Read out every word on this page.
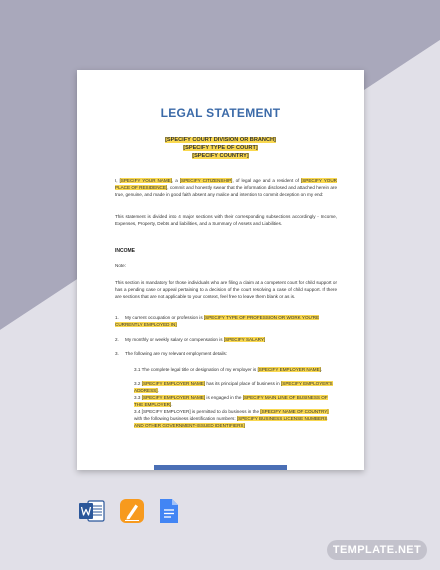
LEGAL STATEMENT
[SPECIFY COURT DIVISION OR BRANCH]
[SPECIFY TYPE OF COURT]
[SPECIFY COUNTRY]
I, [SPECIFY YOUR NAME], a [SPECIFY CITIZENSHIP], of legal age and a resident of [SPECIFY YOUR PLACE OF RESIDENCE], commit and honestly swear that the information disclosed and attached herein are true, genuine, and made in good faith absent any malice and intention to commit deception on my end:
This statement is divided into 4 major sections with their corresponding subsections accordingly - Income, Expenses, Property, Debts and liabilities, and a Summary of Assets and Liabilities.
INCOME
Note:
This section is mandatory for those individuals who are filing a claim at a competent court for child support or has a pending case or appeal pertaining to a decision of the court resolving a case of child support. If there are sections that are not applicable to your context, feel free to leave them blank or as is.
1. My current occupation or profession is [SPECIFY TYPE OF PROFESSION OR WORK YOU'RE CURRENTLY EMPLOYED IN]
2. My monthly or weekly salary or compensation is [SPECIFY SALARY]
3. The following are my relevant employment details:
3.1 The complete legal title or designation of my employer is [SPECIFY EMPLOYER NAME].
3.2 [SPECIFY EMPLOYER NAME] has its principal place of business in [SPECIFY EMPLOYER'S ADDRESS].
3.3 [SPECIFY EMPLOYER NAME] is engaged in the [SPECIFY MAIN LINE OF BUSINESS OF THE EMPLOYER].
3.4 [SPECIFY EMPLOYER] is permitted to do business in the [SPECIFY NAME OF COUNTRY] with the following business identification numbers: [SPECIFY BUSINESS LICENSE NUMBERS AND OTHER GOVERNMENT-ISSUED IDENTIFIERS]
TEMPLATE.NET
